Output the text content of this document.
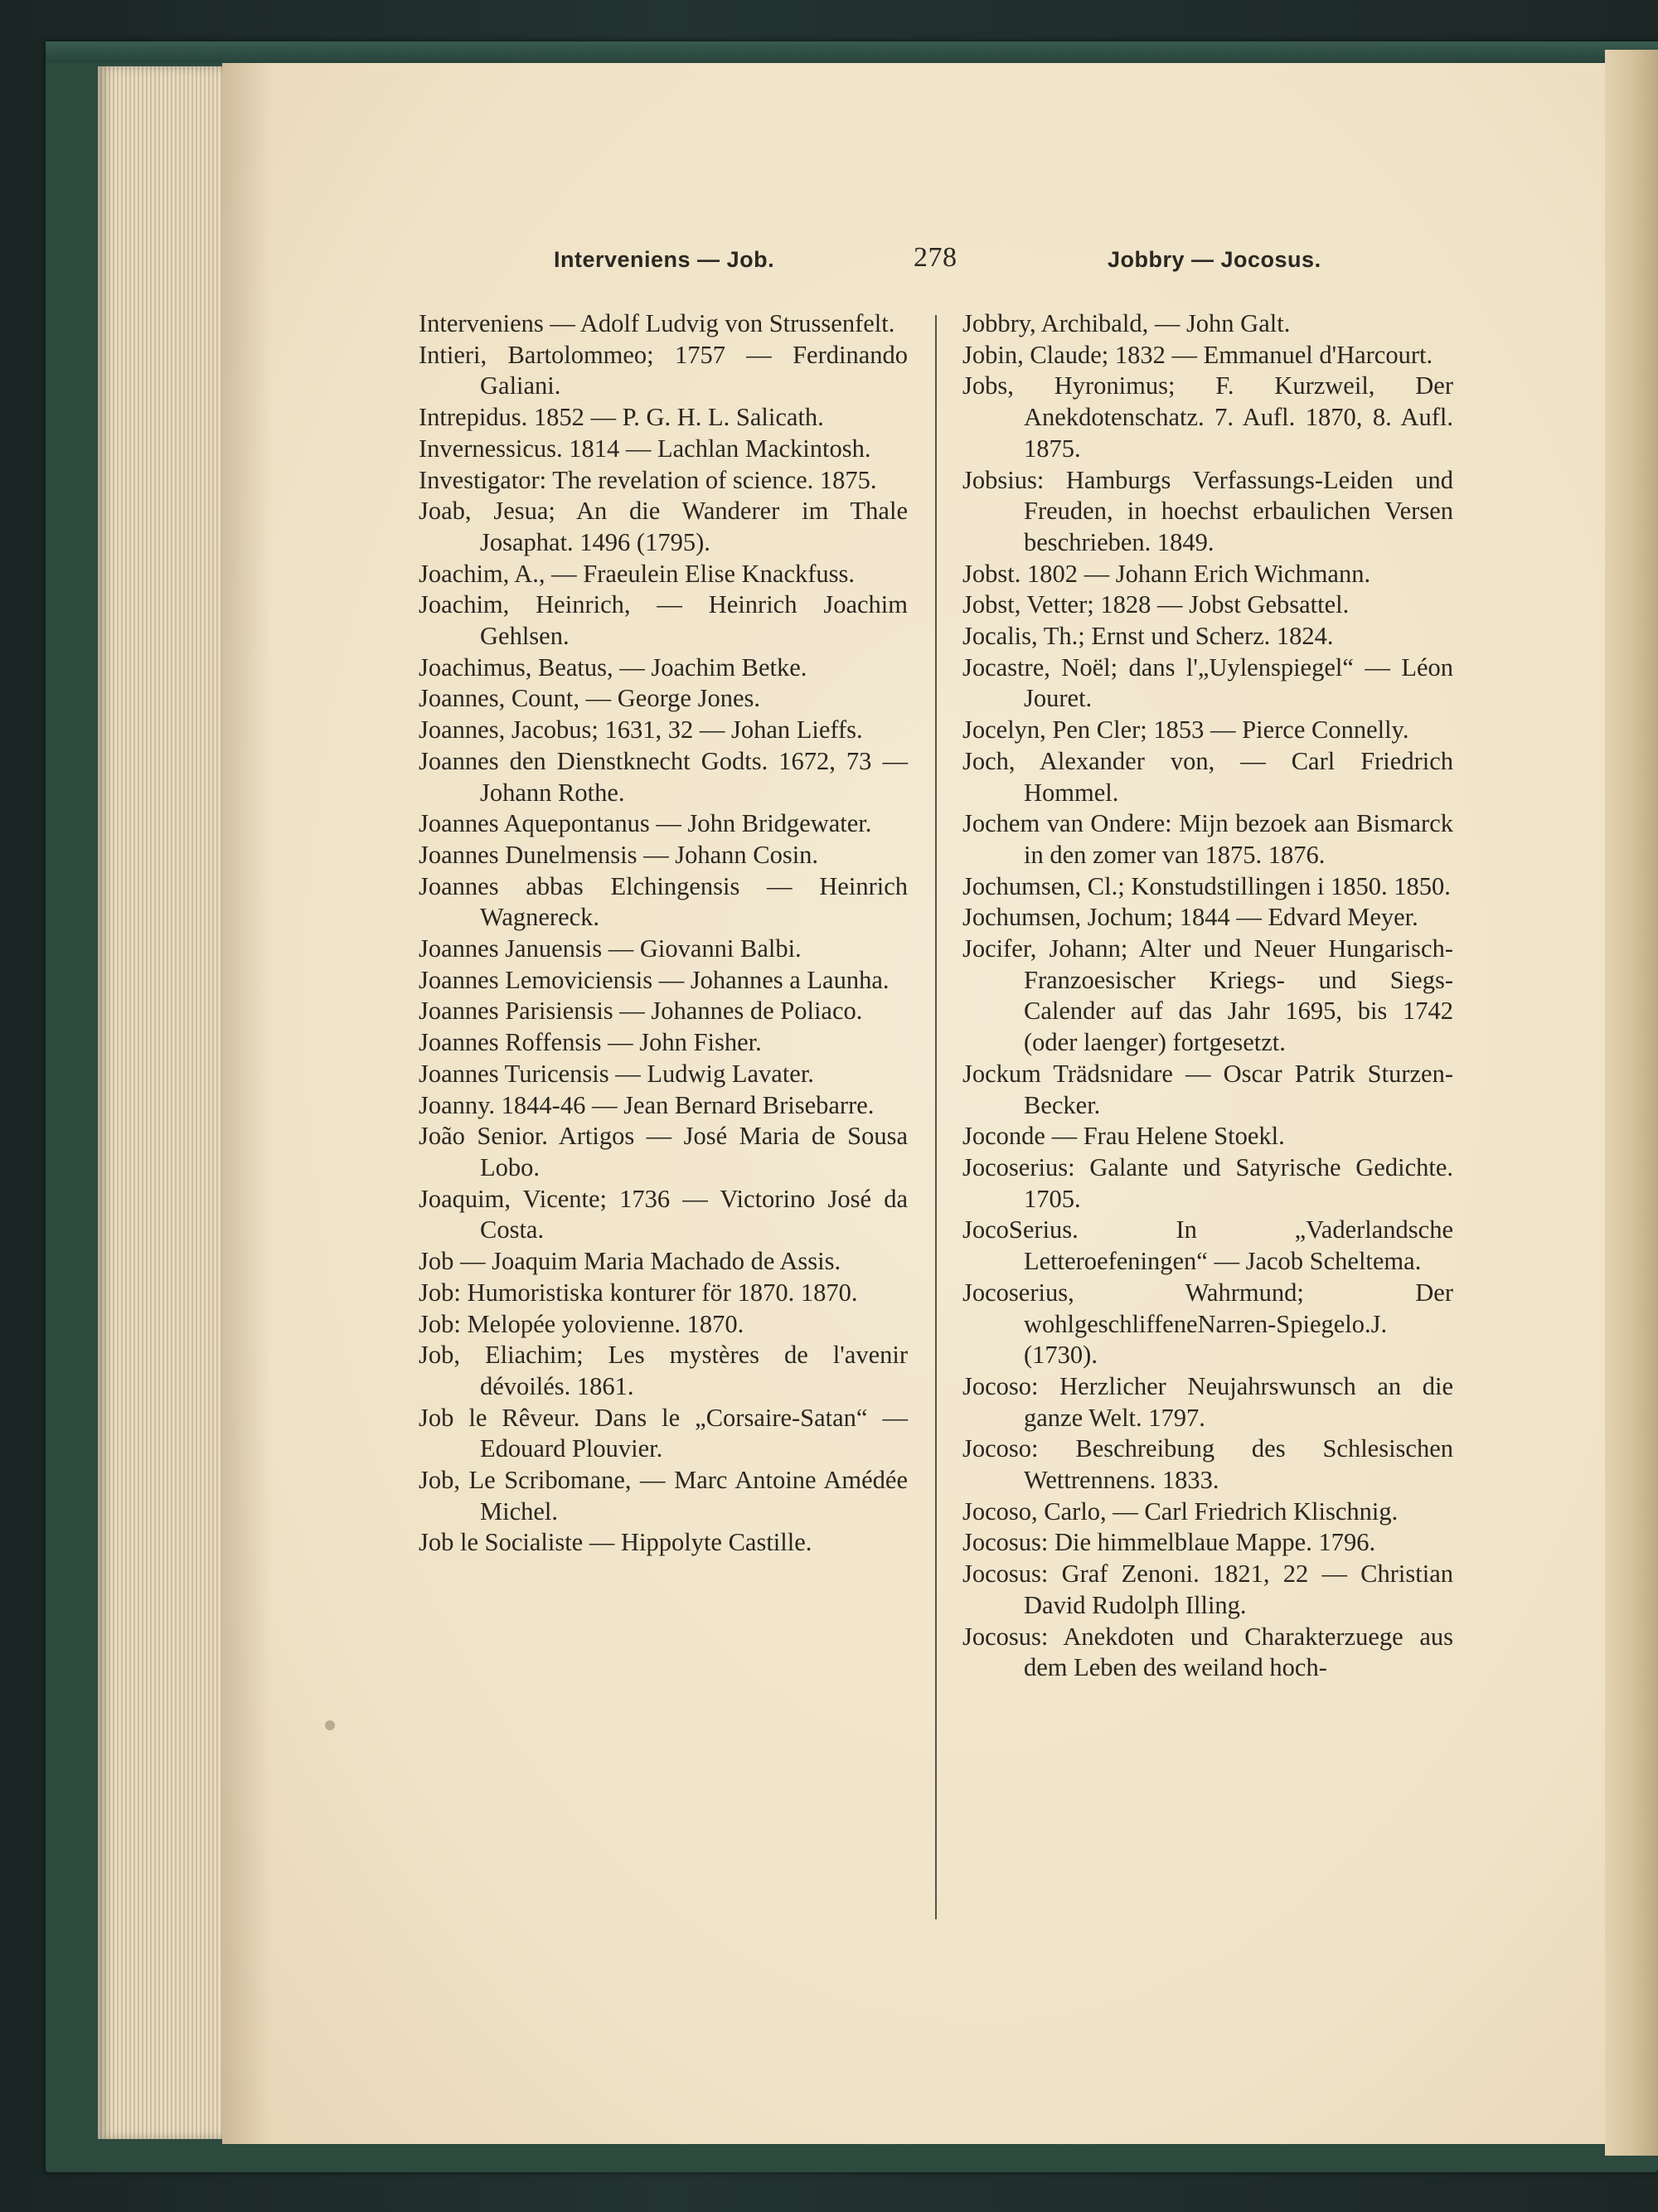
Interveniens — Job.	278	Jobbry — Jocosus.

Interveniens — Adolf Ludvig von Strussenfelt.

Intieri, Bartolommeo; 1757 — Ferdinando Galiani.

Intrepidus. 1852 — P. G. H. L. Salicath.

Invernessicus. 1814 — Lachlan Mackintosh.

Investigator: The revelation of science. 1875.

Joab, Jesua; An die Wanderer im Thale Josaphat. 1496 (1795).

Joachim, A., — Fraeulein Elise Knackfuss.

Joachim, Heinrich, — Heinrich Joachim Gehlsen.

Joachimus, Beatus, — Joachim Betke.

Joannes, Count, — George Jones.

Joannes, Jacobus; 1631, 32 — Johan Lieffs.

Joannes den Dienstknecht Godts. 1672, 73 — Johann Rothe.

Joannes Aquepontanus — John Bridgewater.

Joannes Dunelmensis — Johann Cosin.

Joannes abbas Elchingensis — Heinrich Wagnereck.

Joannes Januensis — Giovanni Balbi.

Joannes Lemoviciensis — Johannes a Launha.

Joannes Parisiensis — Johannes de Poliaco.

Joannes Roffensis — John Fisher.

Joannes Turicensis — Ludwig Lavater.

Joanny. 1844-46 — Jean Bernard Brisebarre.

João Senior. Artigos — José Maria de Sousa Lobo.

Joaquim, Vicente; 1736 — Victorino José da Costa.

Job — Joaquim Maria Machado de Assis.

Job: Humoristiska konturer för 1870. 1870.

Job: Melopée yolovienne. 1870.

Job, Eliachim; Les mystères de l'avenir dévoilés. 1861.

Job le Rêveur. Dans le „Corsaire-Satan“ — Edouard Plouvier.

Job, Le Scribomane, — Marc Antoine Amédée Michel.

Job le Socialiste — Hippolyte Castille.

Jobbry, Archibald, — John Galt.

Jobin, Claude; 1832 — Emmanuel d'Harcourt.

Jobs, Hyronimus; F. Kurzweil, Der Anekdotenschatz. 7. Aufl. 1870, 8. Aufl. 1875.

Jobsius: Hamburgs Verfassungs-Leiden und Freuden, in hoechst erbaulichen Versen beschrieben. 1849.

Jobst. 1802 — Johann Erich Wichmann.

Jobst, Vetter; 1828 — Jobst Gebsattel.

Jocalis, Th.; Ernst und Scherz. 1824.

Jocastre, Noël; dans l'„Uylenspiegel“ — Léon Jouret.

Jocelyn, Pen Cler; 1853 — Pierce Connelly.

Joch, Alexander von, — Carl Friedrich Hommel.

Jochem van Ondere: Mijn bezoek aan Bismarck in den zomer van 1875. 1876.

Jochumsen, Cl.; Konstudstillingen i 1850. 1850.

Jochumsen, Jochum; 1844 — Edvard Meyer.

Jocifer, Johann; Alter und Neuer Hungarisch-Franzoesischer Kriegs- und Siegs-Calender auf das Jahr 1695, bis 1742 (oder laenger) fortgesetzt.

Jockum Trädsnidare — Oscar Patrik Sturzen-Becker.

Joconde — Frau Helene Stoekl.

Jocoserius: Galante und Satyrische Gedichte. 1705.

JocoSerius. In „Vaderlandsche Letteroefeningen“ — Jacob Scheltema.

Jocoserius, Wahrmund; Der wohlgeschliffeneNarren-Spiegelo.J.(1730).

Jocoso: Herzlicher Neujahrswunsch an die ganze Welt. 1797.

Jocoso: Beschreibung des Schlesischen Wettrennens. 1833.

Jocoso, Carlo, — Carl Friedrich Klischnig.

Jocosus: Die himmelblaue Mappe. 1796.

Jocosus: Graf Zenoni. 1821, 22 — Christian David Rudolph Illing.

Jocosus: Anekdoten und Charakterzuege aus dem Leben des weiland hoch-
